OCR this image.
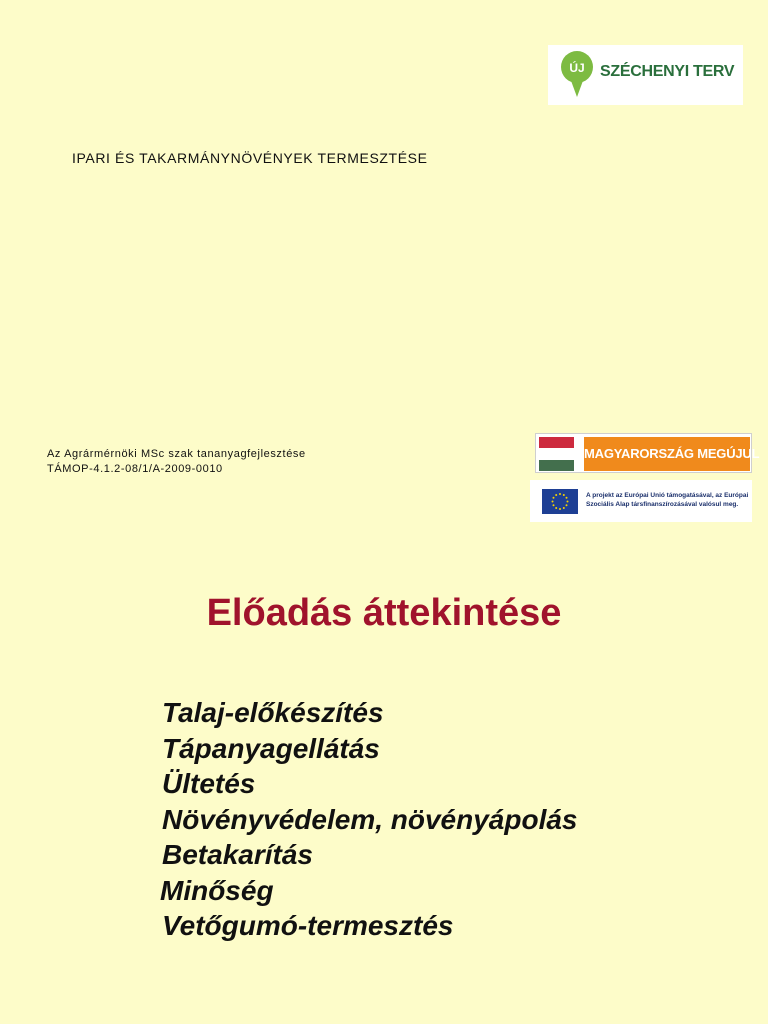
ÚJ SZÉCHENYI TERV
IPARI ÉS TAKARMÁNYNÖVÉNYEK TERMESZTÉSE
Az Agrármérnöki MSc szak tananyagfejlesztése
TÁMOP-4.1.2-08/1/A-2009-0010
MAGYARORSZÁG MEGÚJUL
A projekt az Európai Unió támogatásával, az Európai Szociális Alap társfinanszírozásával valósul meg.
Előadás áttekintése
Talaj-előkészítés
Tápanyagellátás
Ültetés
Növényvédelem, növényápolás
Betakarítás
Minőség
Vetőgumó-termesztés
